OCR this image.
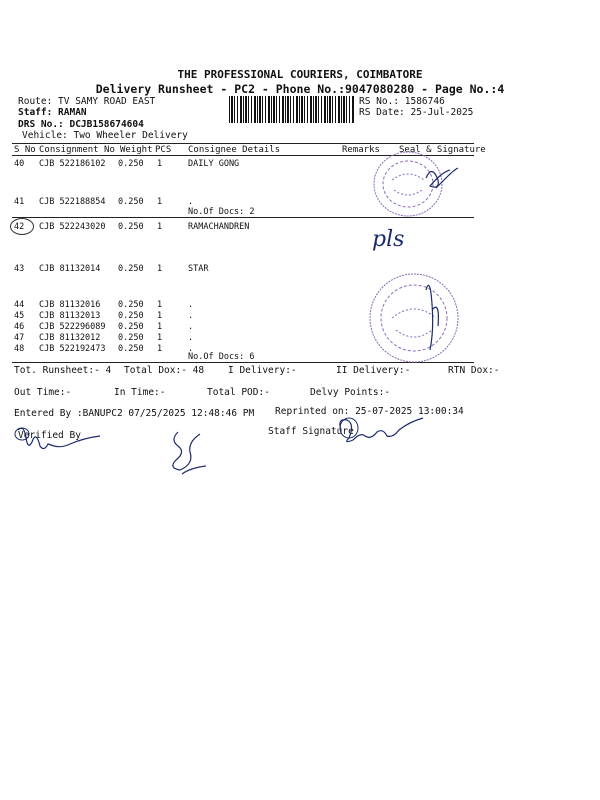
THE PROFESSIONAL COURIERS, COIMBATORE
Delivery Runsheet - PC2 - Phone No.:9047080280 - Page No.:4
Route: TV SAMY ROAD EAST
Staff: RAMAN
DRS No.: DCJB158674604
Vehicle: Two Wheeler Delivery
RS No.: 1586746
RS Date: 25-Jul-2025
S No Consignment No Weight PCS Consignee Details	Remarks Seal & Signature
40 CJB 522186102 0.250 1	DAILY GONG
41 CJB 522188854 0.250 1	.
No.Of Docs: 2
42 CJB 522243020 0.250 1	RAMACHANDREN	pls
43 CJB 81132014 0.250 1	STAR
44 CJB 81132016 0.250 1	.
45 CJB 81132013 0.250 1	.
46 CJB 522296089 0.250 1	.
47 CJB 81132012 0.250 1	.
48 CJB 522192473 0.250 1	.
No.Of Docs: 6
Tot. Runsheet:- 4 Total Dox:- 48	I Delivery:-	II Delivery:-	RTN Dox:-
Out Time:-	In Time:-	Total POD:-	Delvy Points:-
Entered By :BANUPC2 07/25/2025 12:48:46 PM Reprinted on: 25-07-2025 13:00:34
Verified By	Staff Signature
